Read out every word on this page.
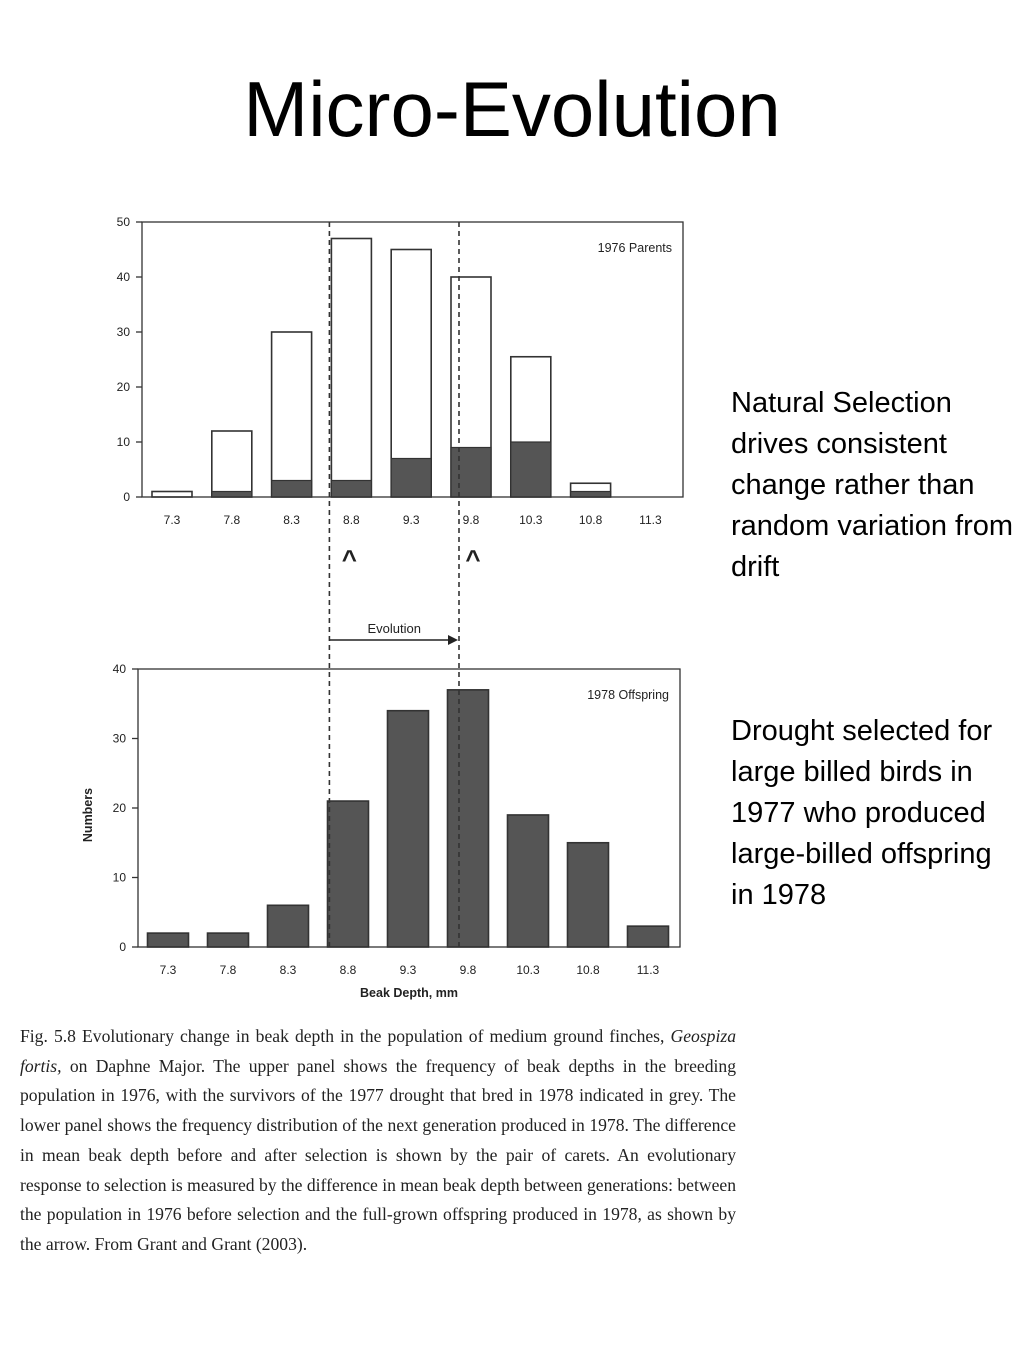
Micro-Evolution
0
10
20
30
40
50
7.3	7.8	8.3	8.8	9.3	9.8	10.3	10.8	11.3
1976 Parents
0
10
20
30
40
7.3	7.8	8.3	8.8	9.3	9.8	10.3	10.8	11.3
1978 Offspring
^	^
Evolution
Beak Depth, mm
Numbers

Natural Selection drives consistent change rather than random variation from drift

Drought selected for large billed birds in 1977 who produced large-billed offspring in 1978

Fig. 5.8 Evolutionary change in beak depth in the population of medium ground finches, Geospiza fortis, on Daphne Major. The upper panel shows the frequency of beak depths in the breeding population in 1976, with the survivors of the 1977 drought that bred in 1978 indicated in grey. The lower panel shows the frequency distribution of the next generation produced in 1978. The difference in mean beak depth before and after selection is shown by the pair of carets. An evolutionary response to selection is measured by the difference in mean beak depth between generations: between the population in 1976 before selection and the full-grown offspring produced in 1978, as shown by the arrow. From Grant and Grant (2003).
